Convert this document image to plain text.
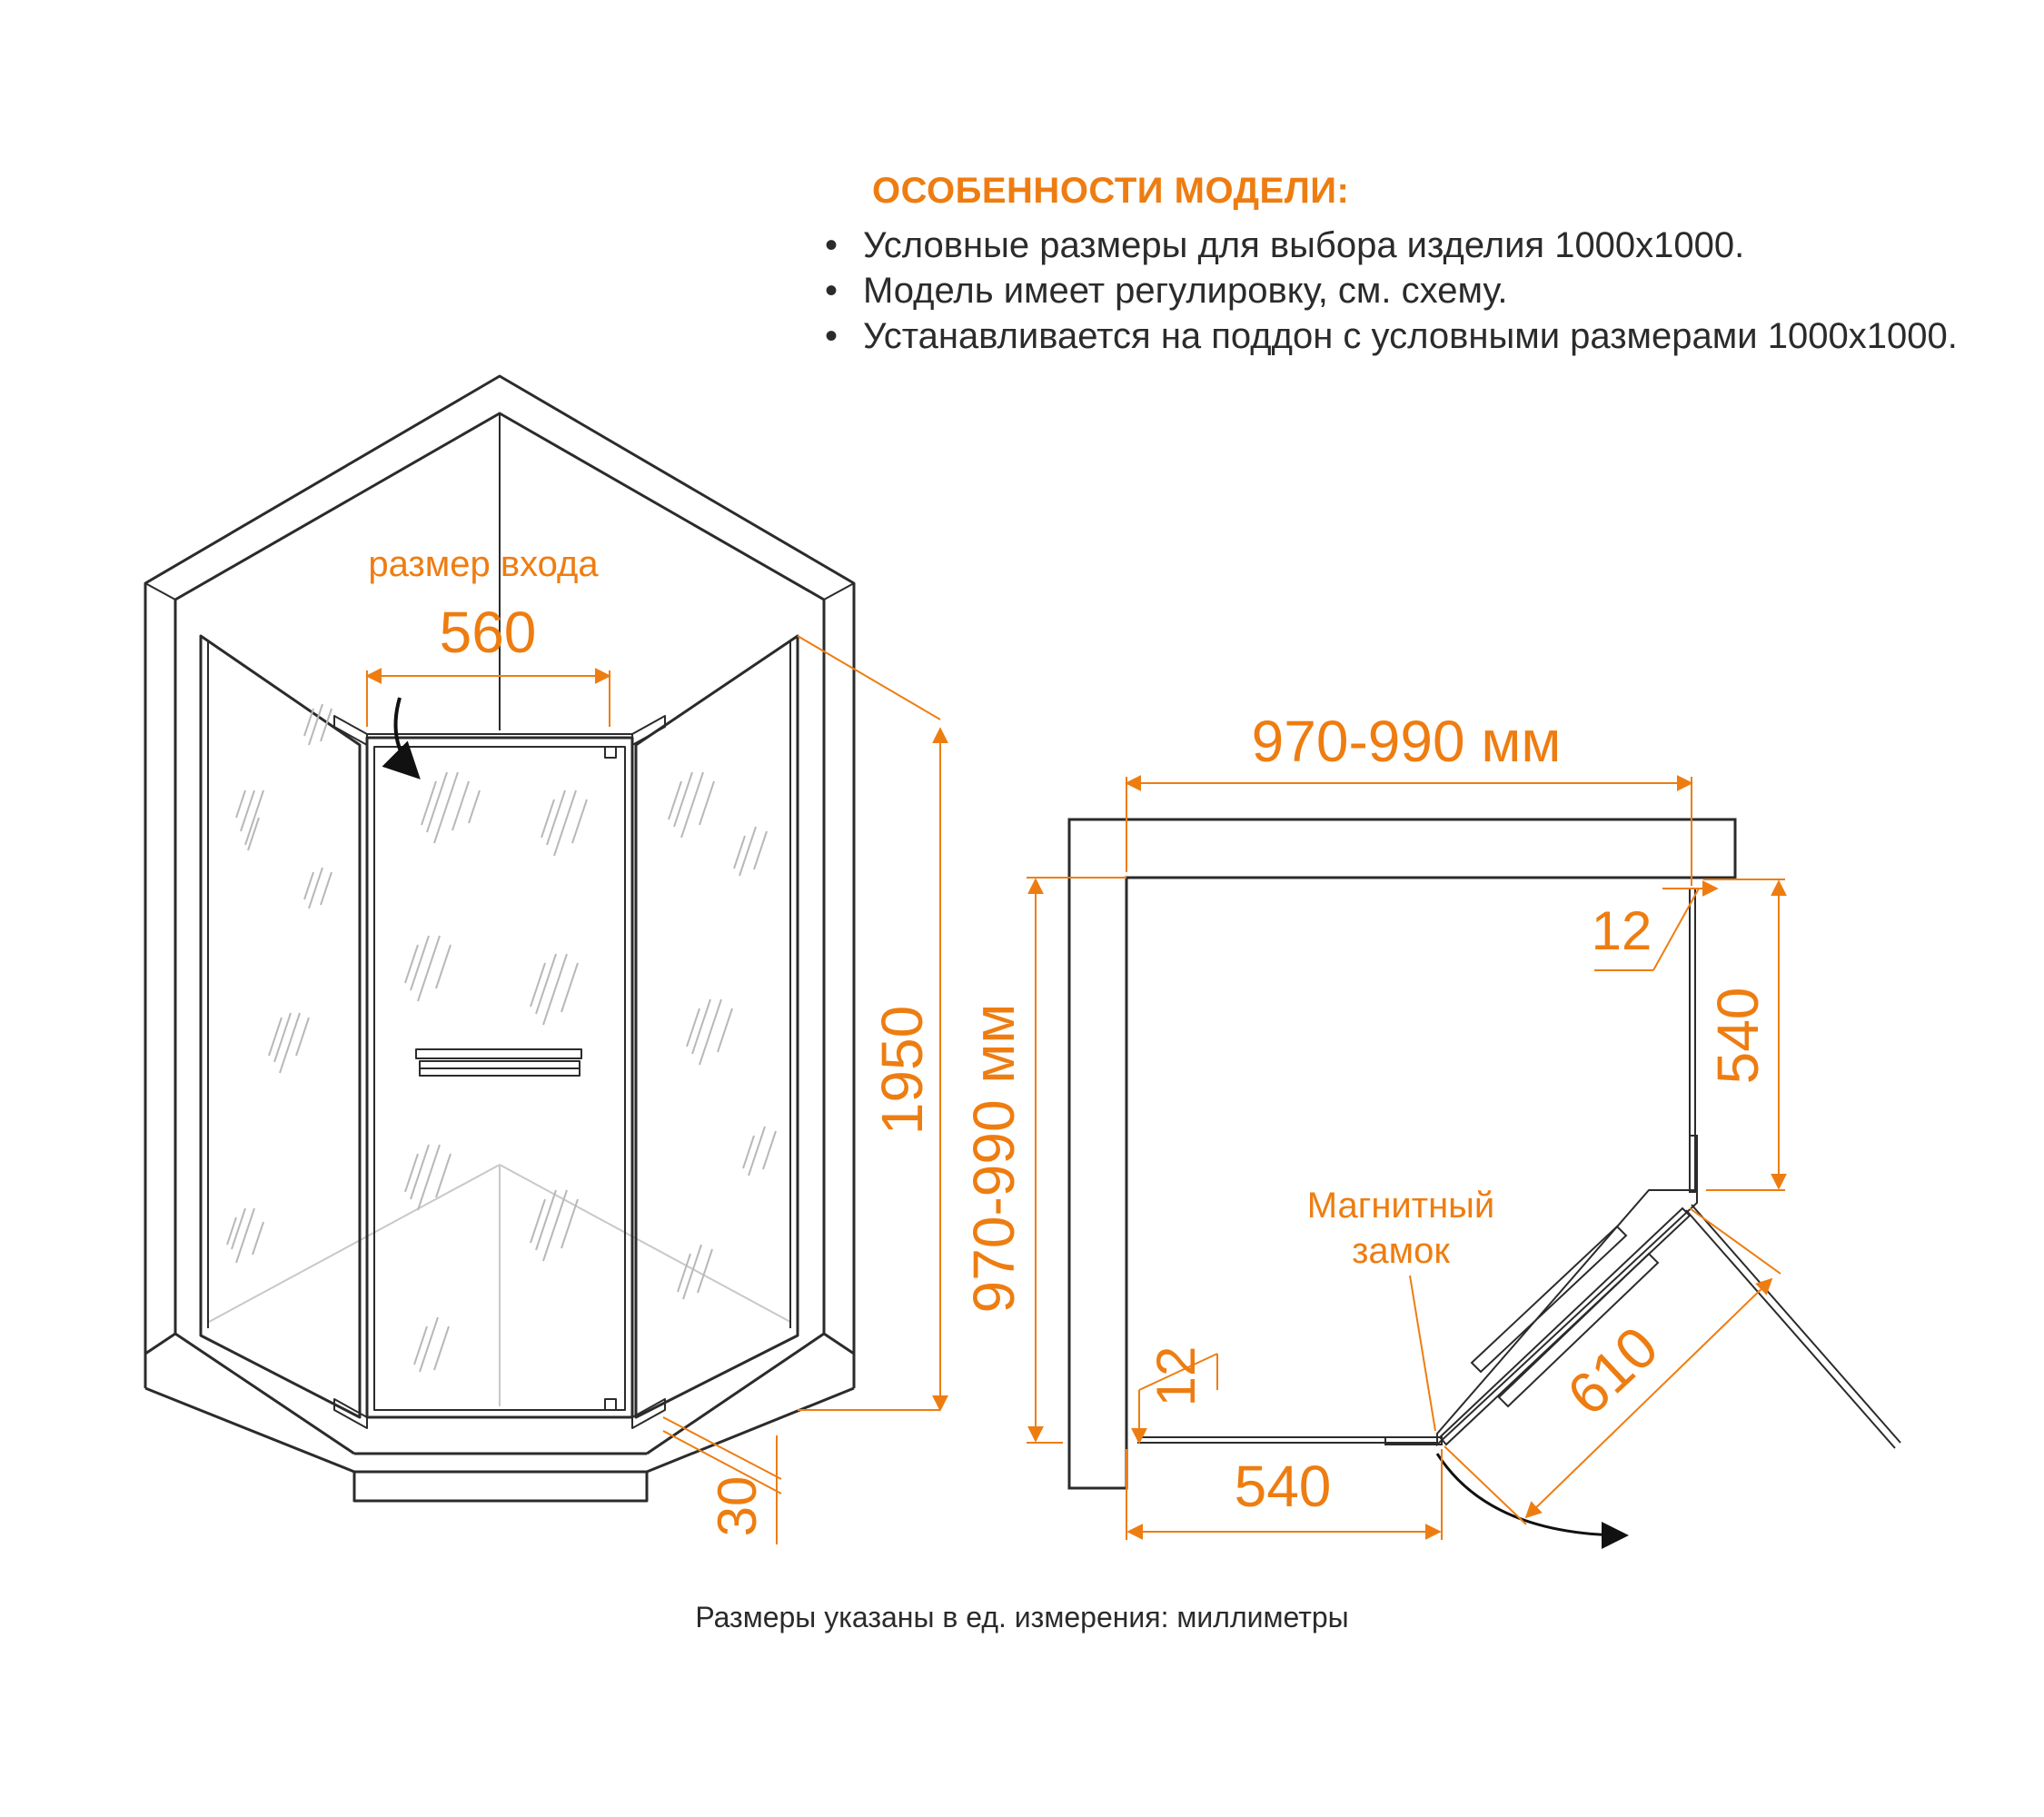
ОСОБЕННОСТИ МОДЕЛИ:
• Условные размеры для выбора изделия 1000х1000.
• Модель имеет регулировку, см. схему.
• Устанавливается на поддон с условными размерами 1000х1000.
размер входа
560
1950
30
970-990 мм
970-990 мм
12
12
540
540
610
Магнитный
замок
Размеры указаны в ед. измерения: миллиметры
